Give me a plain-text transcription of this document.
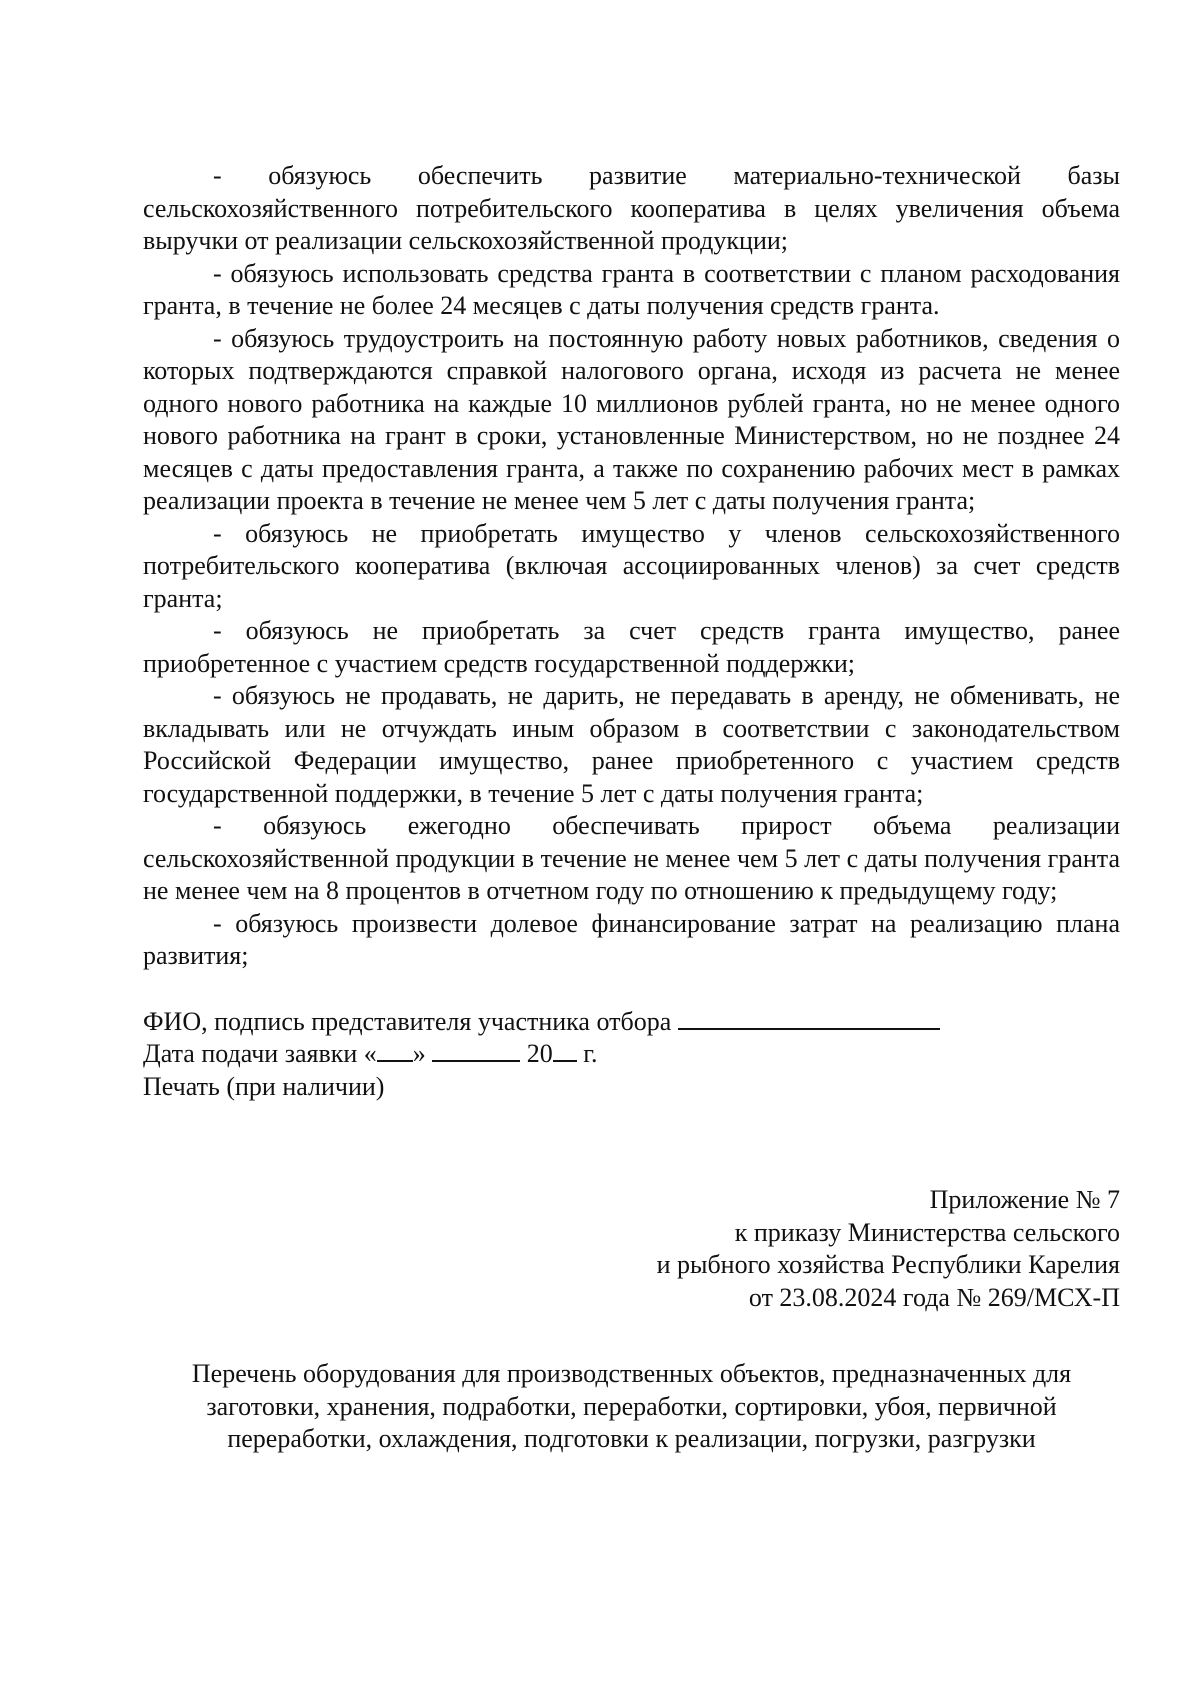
- обязуюсь обеспечить развитие материально-технической базы сельскохозяйственного потребительского кооператива в целях увеличения объема выручки от реализации сельскохозяйственной продукции;

- обязуюсь использовать средства гранта в соответствии с планом расходования гранта, в течение не более 24 месяцев с даты получения средств гранта.

- обязуюсь трудоустроить на постоянную работу новых работников, сведения о которых подтверждаются справкой налогового органа, исходя из расчета не менее одного нового работника на каждые 10 миллионов рублей гранта, но не менее одного нового работника на грант в сроки, установленные Министерством, но не позднее 24 месяцев с даты предоставления гранта, а также по сохранению рабочих мест в рамках реализации проекта в течение не менее чем 5 лет с даты получения гранта;

- обязуюсь не приобретать имущество у членов сельскохозяйственного потребительского кооператива (включая ассоциированных членов) за счет средств гранта;

- обязуюсь не приобретать за счет средств гранта имущество, ранее приобретенное с участием средств государственной поддержки;

- обязуюсь не продавать, не дарить, не передавать в аренду, не обменивать, не вкладывать или не отчуждать иным образом в соответствии с законодательством Российской Федерации имущество, ранее приобретенного с участием средств государственной поддержки, в течение 5 лет с даты получения гранта;

- обязуюсь ежегодно обеспечивать прирост объема реализации сельскохозяйственной продукции в течение не менее чем 5 лет с даты получения гранта не менее чем на 8 процентов в отчетном году по отношению к предыдущему году;

- обязуюсь произвести долевое финансирование затрат на реализацию плана развития;

ФИО, подпись представителя участника отбора

Дата подачи заявки « »	20 г.

Печать (при наличии)

Приложение № 7

к приказу Министерства сельского

и рыбного хозяйства Республики Карелия

от 23.08.2024 года № 269/МСХ-П

Перечень оборудования для производственных объектов, предназначенных для

заготовки, хранения, подработки, переработки, сортировки, убоя, первичной

переработки, охлаждения, подготовки к реализации, погрузки, разгрузки
